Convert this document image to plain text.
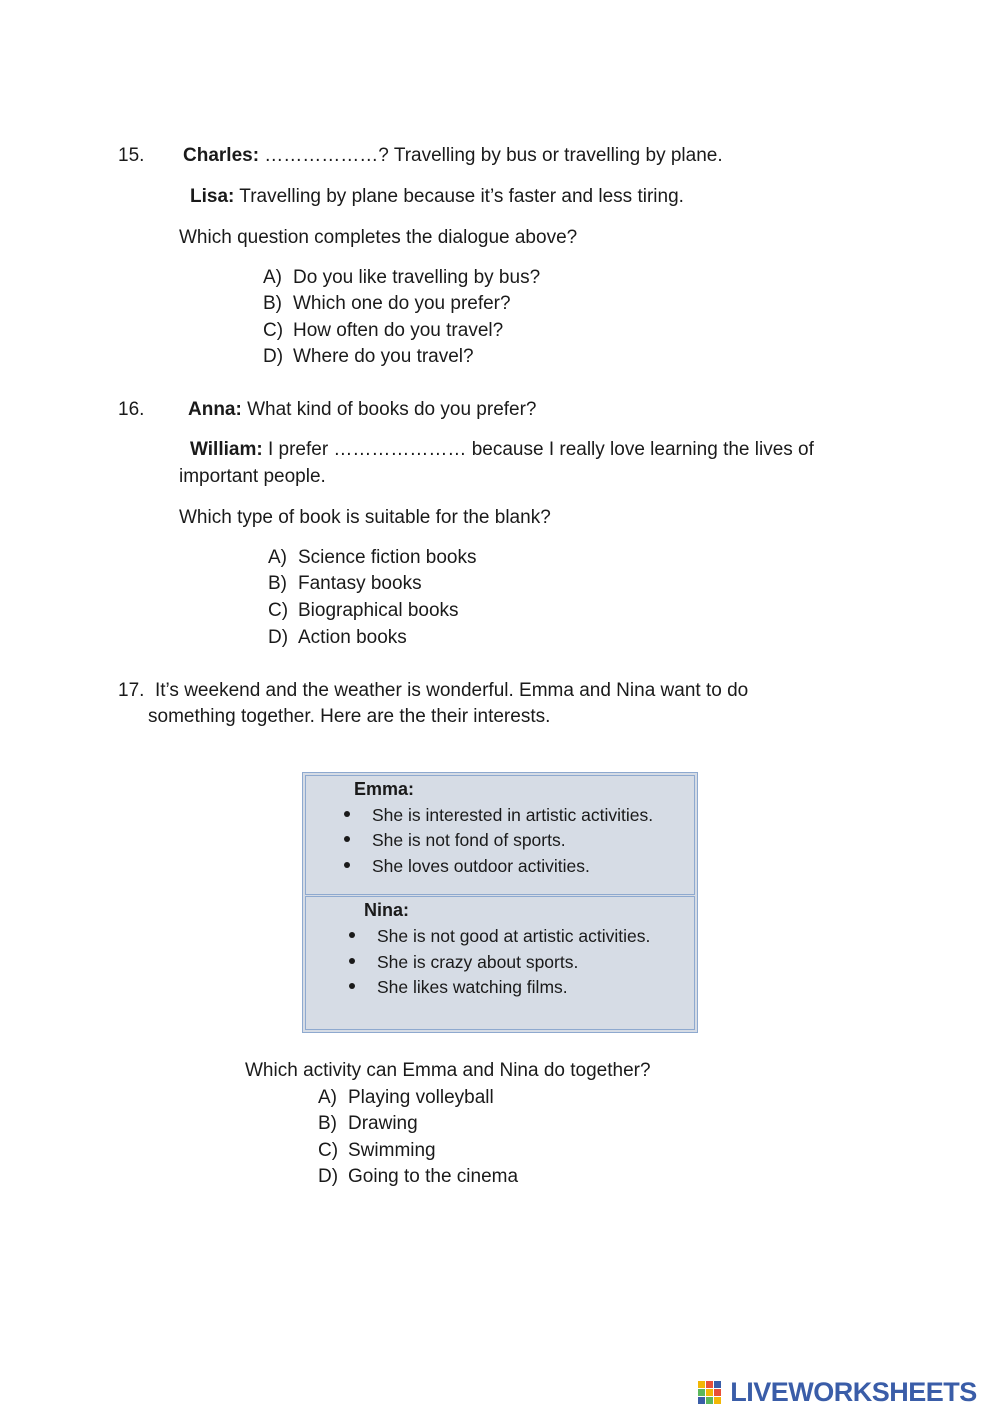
15. Charles: ………………? Travelling by bus or travelling by plane.
Lisa: Travelling by plane because it’s faster and less tiring.
Which question completes the dialogue above?
A) Do you like travelling by bus?
B) Which one do you prefer?
C) How often do you travel?
D) Where do you travel?
16. Anna: What kind of books do you prefer?
William: I prefer ………………… because I really love learning the lives of
important people.
Which type of book is suitable for the blank?
A) Science fiction books
B) Fantasy books
C) Biographical books
D) Action books
17. It’s weekend and the weather is wonderful. Emma and Nina want to do
something together. Here are the their interests.
Emma:
She is interested in artistic activities.
She is not fond of sports.
She loves outdoor activities.
Nina:
She is not good at artistic activities.
She is crazy about sports.
She likes watching films.
Which activity can Emma and Nina do together?
A) Playing volleyball
B) Drawing
C) Swimming
D) Going to the cinema
LIVEWORKSHEETS
